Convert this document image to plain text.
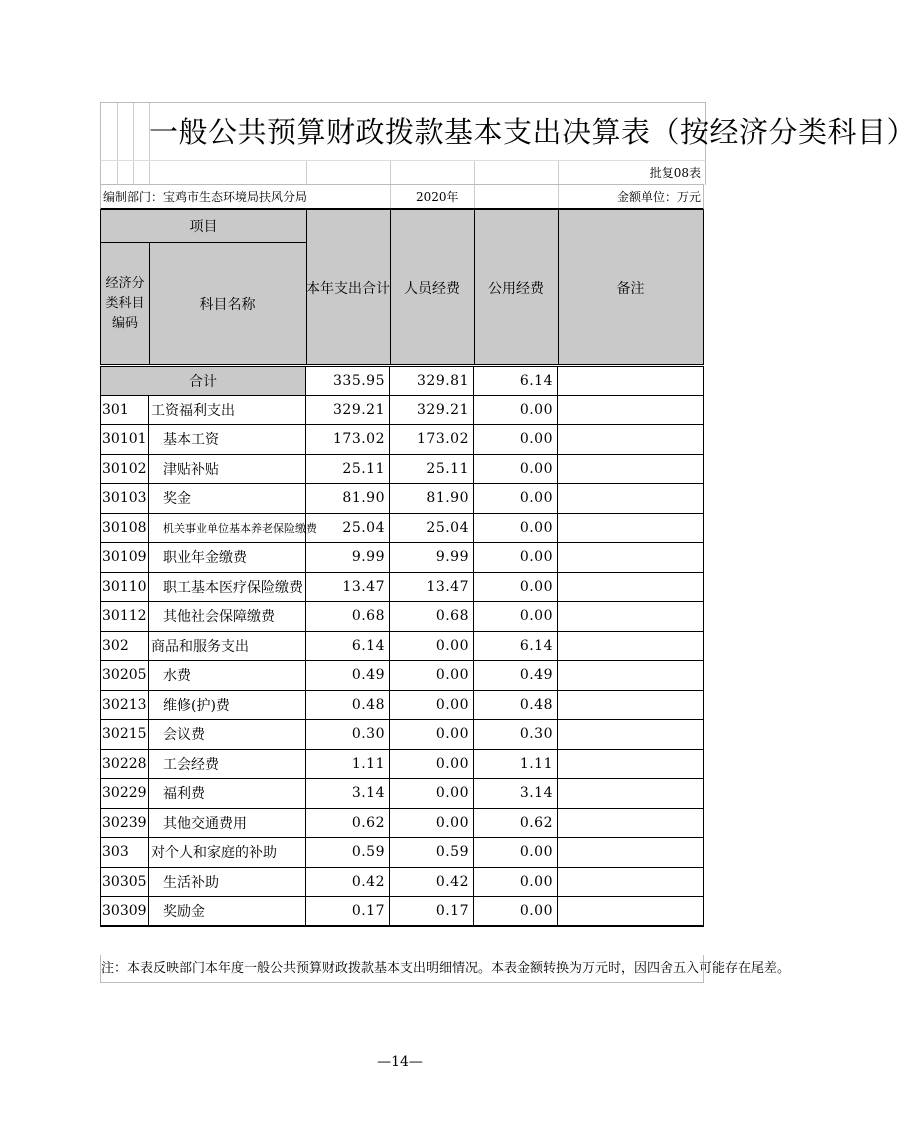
一般公共预算财政拨款基本支出决算表（按经济分类科目）
批复08表
编制部门：宝鸡市生态环境局扶风分局	2020年	金额单位：万元
项目
经济分类科目编码
科目名称
本年支出合计	人员经费	公用经费	备注
合计	335.95	329.81	6.14
301	工资福利支出	329.21	329.21	0.00
30101	基本工资	173.02	173.02	0.00
30102	津贴补贴	25.11	25.11	0.00
30103	奖金	81.90	81.90	0.00
30108	机关事业单位基本养老保险缴费	25.04	25.04	0.00
30109	职业年金缴费	9.99	9.99	0.00
30110	职工基本医疗保险缴费	13.47	13.47	0.00
30112	其他社会保障缴费	0.68	0.68	0.00
302	商品和服务支出	6.14	0.00	6.14
30205	水费	0.49	0.00	0.49
30213	维修(护)费	0.48	0.00	0.48
30215	会议费	0.30	0.00	0.30
30228	工会经费	1.11	0.00	1.11
30229	福利费	3.14	0.00	3.14
30239	其他交通费用	0.62	0.00	0.62
303	对个人和家庭的补助	0.59	0.59	0.00
30305	生活补助	0.42	0.42	0.00
30309	奖励金	0.17	0.17	0.00
注：本表反映部门本年度一般公共预算财政拨款基本支出明细情况。本表金额转换为万元时，因四舍五入可能存在尾差。
—14—
